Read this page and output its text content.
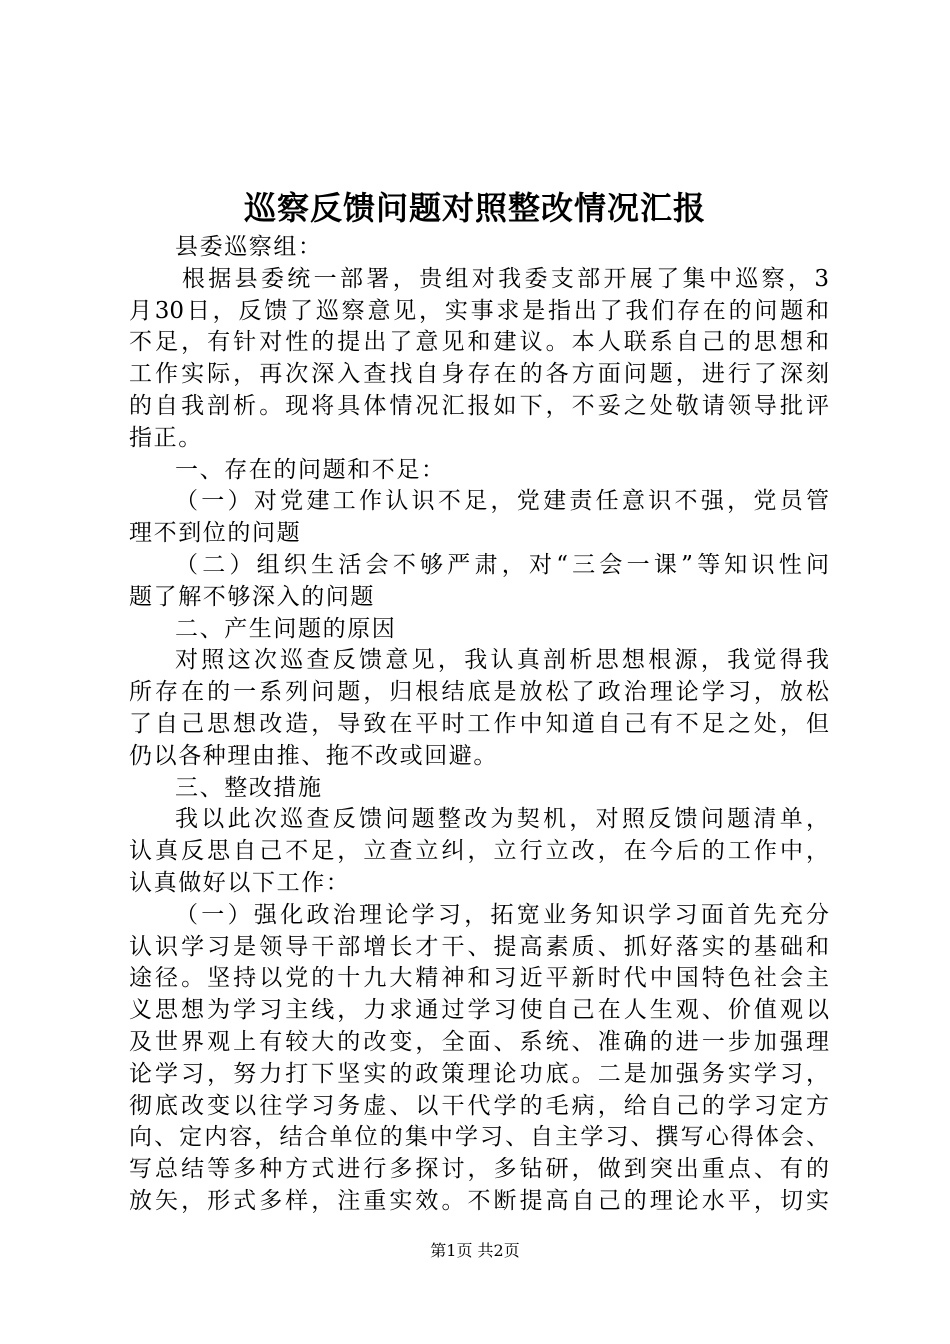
巡察反馈问题对照整改情况汇报
县委巡察组：
根据县委统一部署，贵组对我委支部开展了集中巡察，3
月30日，反馈了巡察意见，实事求是指出了我们存在的问题和
不足，有针对性的提出了意见和建议。本人联系自己的思想和
工作实际，再次深入查找自身存在的各方面问题，进行了深刻
的自我剖析。现将具体情况汇报如下，不妥之处敬请领导批评
指正。
一、存在的问题和不足：
（一）对党建工作认识不足，党建责任意识不强，党员管
理不到位的问题
（二）组织生活会不够严肃，对“三会一课”等知识性问
题了解不够深入的问题
二、产生问题的原因
对照这次巡查反馈意见，我认真剖析思想根源，我觉得我
所存在的一系列问题，归根结底是放松了政治理论学习，放松
了自己思想改造，导致在平时工作中知道自己有不足之处，但
仍以各种理由推、拖不改或回避。
三、整改措施
我以此次巡查反馈问题整改为契机，对照反馈问题清单，
认真反思自己不足，立查立纠，立行立改，在今后的工作中，
认真做好以下工作：
（一）强化政治理论学习，拓宽业务知识学习面首先充分
认识学习是领导干部增长才干、提高素质、抓好落实的基础和
途径。坚持以党的十九大精神和习近平新时代中国特色社会主
义思想为学习主线，力求通过学习使自己在人生观、价值观以
及世界观上有较大的改变，全面、系统、准确的进一步加强理
论学习，努力打下坚实的政策理论功底。二是加强务实学习，
彻底改变以往学习务虚、以干代学的毛病，给自己的学习定方
向、定内容，结合单位的集中学习、自主学习、撰写心得体会、
写总结等多种方式进行多探讨，多钻研，做到突出重点、有的
放矢，形式多样，注重实效。不断提高自己的理论水平，切实
第1页 共2页
